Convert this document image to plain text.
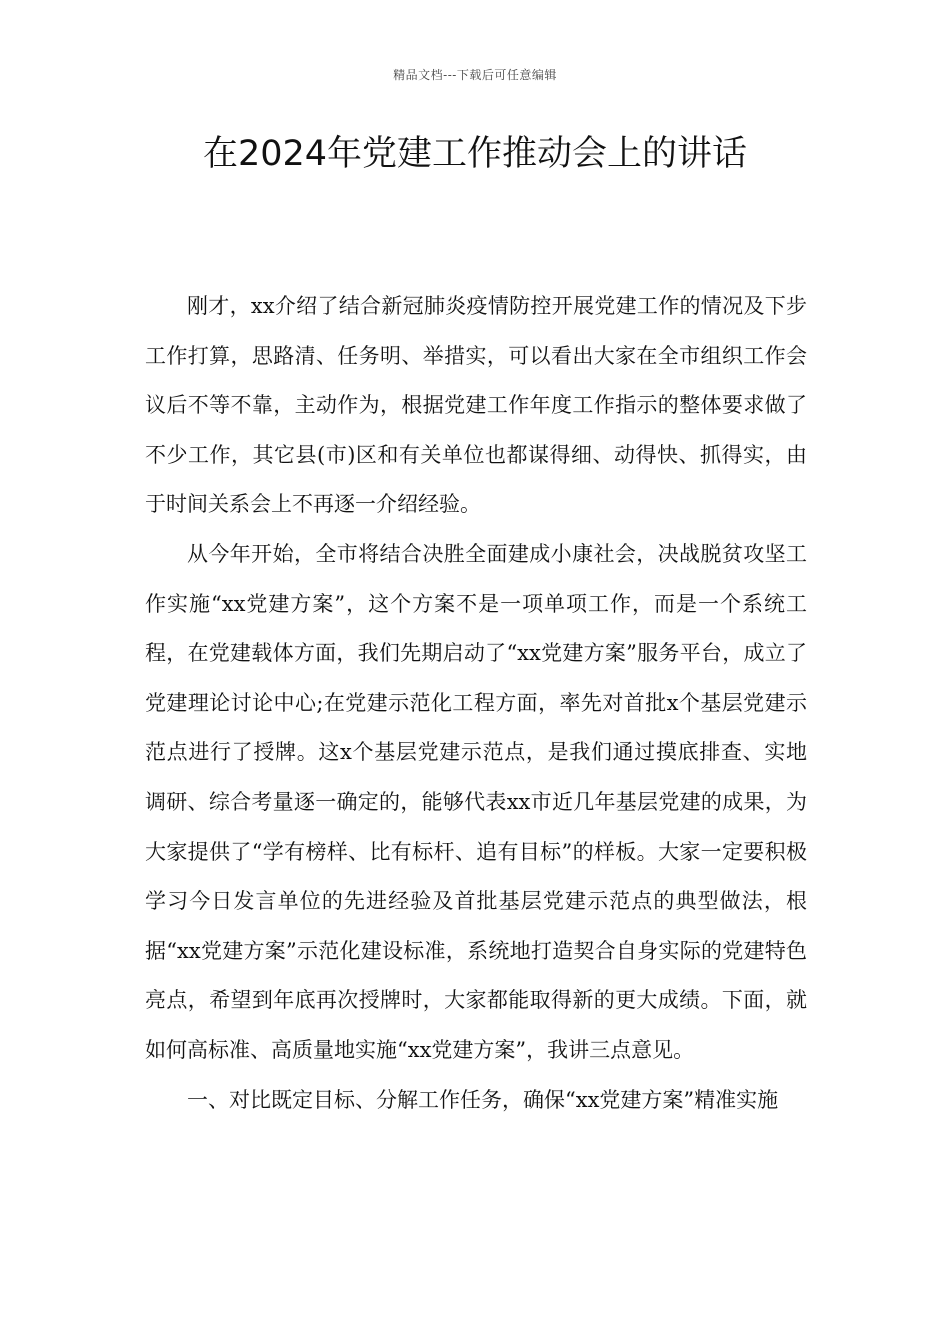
精品文档---下载后可任意编辑
在2024年党建工作推动会上的讲话

刚才，xx介绍了结合新冠肺炎疫情防控开展党建工作的情况及下步工作打算，思路清、任务明、举措实，可以看出大家在全市组织工作会议后不等不靠，主动作为，根据党建工作年度工作指示的整体要求做了不少工作，其它县(市)区和有关单位也都谋得细、动得快、抓得实，由于时间关系会上不再逐一介绍经验。

从今年开始，全市将结合决胜全面建成小康社会，决战脱贫攻坚工作实施“xx党建方案”，这个方案不是一项单项工作，而是一个系统工程，在党建载体方面，我们先期启动了“xx党建方案”服务平台，成立了党建理论讨论中心;在党建示范化工程方面，率先对首批x个基层党建示范点进行了授牌。这x个基层党建示范点，是我们通过摸底排查、实地调研、综合考量逐一确定的，能够代表xx市近几年基层党建的成果，为大家提供了“学有榜样、比有标杆、追有目标”的样板。大家一定要积极学习今日发言单位的先进经验及首批基层党建示范点的典型做法，根据“xx党建方案”示范化建设标准，系统地打造契合自身实际的党建特色亮点，希望到年底再次授牌时，大家都能取得新的更大成绩。下面，就如何高标准、高质量地实施“xx党建方案”，我讲三点意见。

一、对比既定目标、分解工作任务，确保“xx党建方案”精准实施
